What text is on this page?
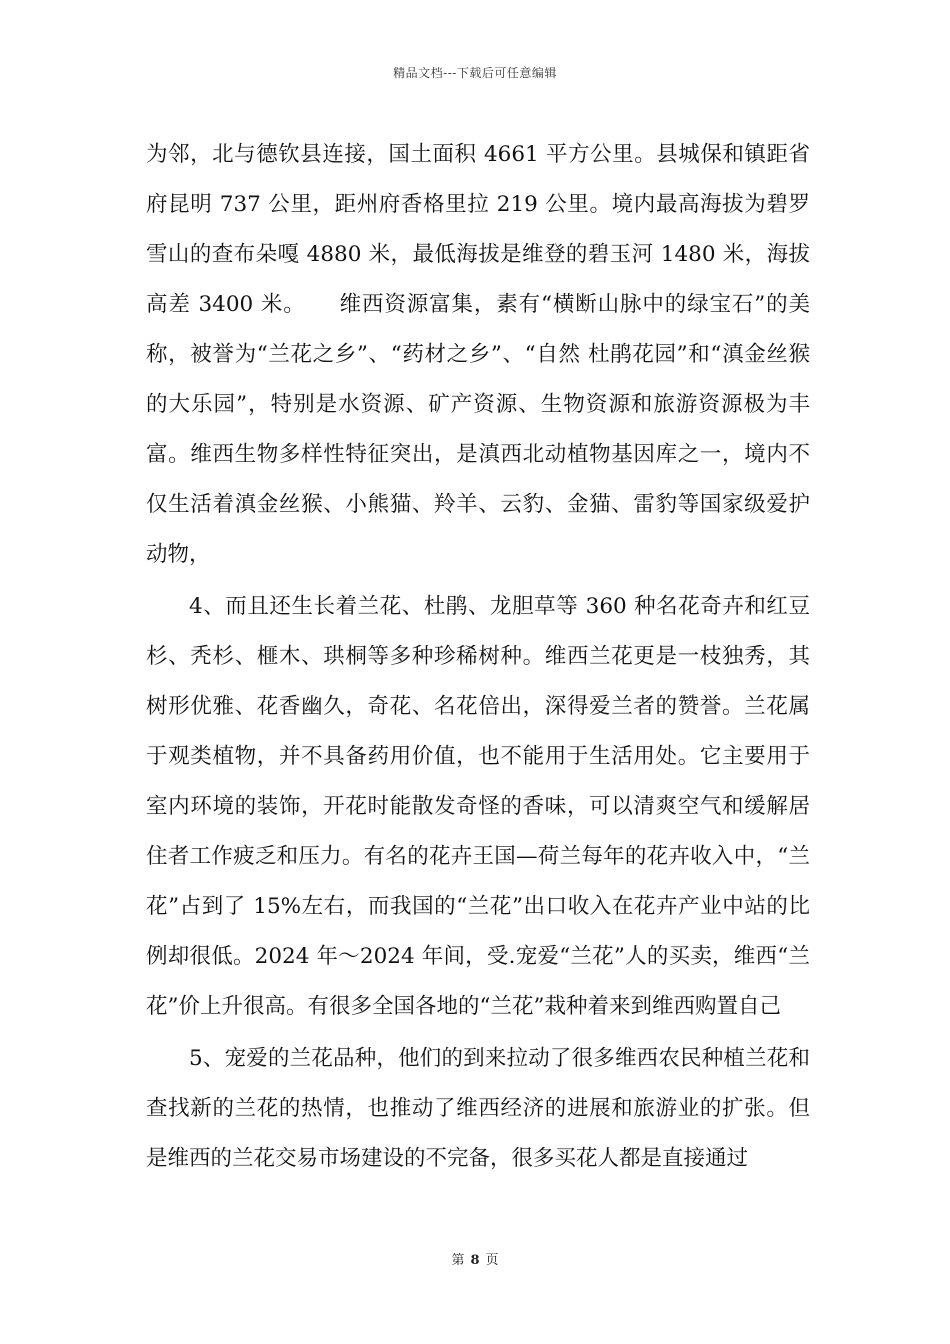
精品文档---下载后可任意编辑

为邻，北与德钦县连接，国土面积 4661 平方公里。县城保和镇距省府昆明 737 公里，距州府香格里拉 219 公里。境内最高海拔为碧罗雪山的查布朵嘎 4880 米，最低海拔是维登的碧玉河 1480 米，海拔高差 3400 米。　　维西资源富集，素有“横断山脉中的绿宝石”的美称，被誉为“兰花之乡”、“药材之乡”、“自然 杜鹃花园”和“滇金丝猴的大乐园”，特别是水资源、矿产资源、生物资源和旅游资源极为丰富。维西生物多样性特征突出，是滇西北动植物基因库之一，境内不仅生活着滇金丝猴、小熊猫、羚羊、云豹、金猫、雷豹等国家级爱护动物，

4、而且还生长着兰花、杜鹃、龙胆草等 360 种名花奇卉和红豆杉、秃杉、榧木、珙桐等多种珍稀树种。维西兰花更是一枝独秀，其树形优雅、花香幽久，奇花、名花倍出，深得爱兰者的赞誉。兰花属于观类植物，并不具备药用价值，也不能用于生活用处。它主要用于室内环境的装饰，开花时能散发奇怪的香味，可以清爽空气和缓解居住者工作疲乏和压力。有名的花卉王国—荷兰每年的花卉收入中，“兰花”占到了 15%左右，而我国的“兰花”出口收入在花卉产业中站的比例却很低。2024 年～2024 年间，受.宠爱“兰花”人的买卖，维西“兰花”价上升很高。有很多全国各地的“兰花”栽种着来到维西购置自己

5、宠爱的兰花品种，他们的到来拉动了很多维西农民种植兰花和查找新的兰花的热情，也推动了维西经济的进展和旅游业的扩张。但是维西的兰花交易市场建设的不完备，很多买花人都是直接通过

第 8 页
